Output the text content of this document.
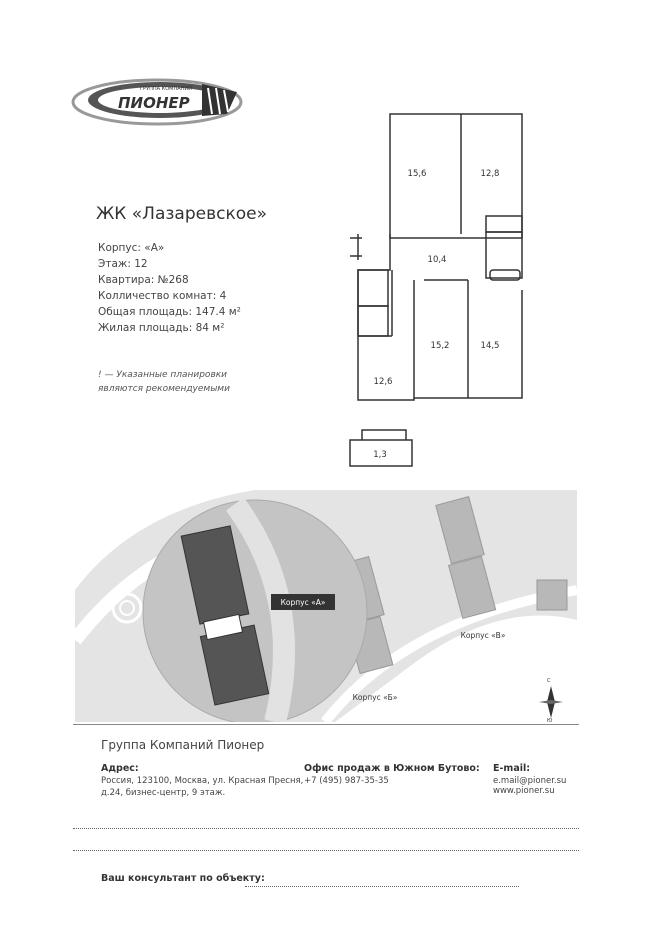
ГРУППА КОМПАНИЙ
ПИОНЕР
ЖК «Лазаревское»
Корпус: «А»
Этаж: 12
Квартира: №268
Колличество комнат: 4
Общая площадь: 147.4 м²
Жилая площадь: 84 м²
! — Указанные планировки
являются рекомендуемыми
15,6	12,8
10,4
15,2	14,5
12,6
1,3
Корпус «А»
Корпус «В»
Корпус «Б»
С
Ю
Группа Компаний Пионер
Адрес:
Россия, 123100, Москва, ул. Красная Пресня,
д.24, бизнес-центр, 9 этаж.
Офис продаж в Южном Бутово:
+7 (495) 987-35-35
E-mail:
e.mail@pioner.su
www.pioner.su
Ваш консультант по объекту:
